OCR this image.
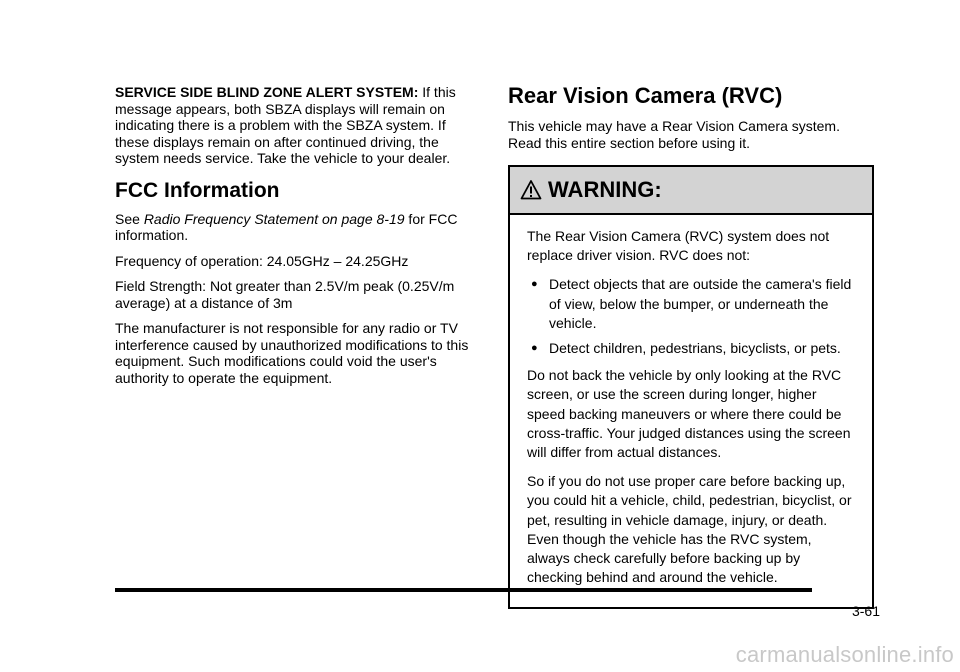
SERVICE SIDE BLIND ZONE ALERT SYSTEM: If this message appears, both SBZA displays will remain on indicating there is a problem with the SBZA system. If these displays remain on after continued driving, the system needs service. Take the vehicle to your dealer.

FCC Information

See Radio Frequency Statement on page 8-19 for FCC information.

Frequency of operation: 24.05GHz – 24.25GHz

Field Strength: Not greater than 2.5V/m peak (0.25V/m average) at a distance of 3m

The manufacturer is not responsible for any radio or TV interference caused by unauthorized modifications to this equipment. Such modifications could void the user's authority to operate the equipment.

Rear Vision Camera (RVC)

This vehicle may have a Rear Vision Camera system. Read this entire section before using it.

WARNING:

The Rear Vision Camera (RVC) system does not replace driver vision. RVC does not:

● Detect objects that are outside the camera's field of view, below the bumper, or underneath the vehicle.
● Detect children, pedestrians, bicyclists, or pets.

Do not back the vehicle by only looking at the RVC screen, or use the screen during longer, higher speed backing maneuvers or where there could be cross-traffic. Your judged distances using the screen will differ from actual distances.

So if you do not use proper care before backing up, you could hit a vehicle, child, pedestrian, bicyclist, or pet, resulting in vehicle damage, injury, or death. Even though the vehicle has the RVC system, always check carefully before backing up by checking behind and around the vehicle.

3-61
carmanualsonline.info
